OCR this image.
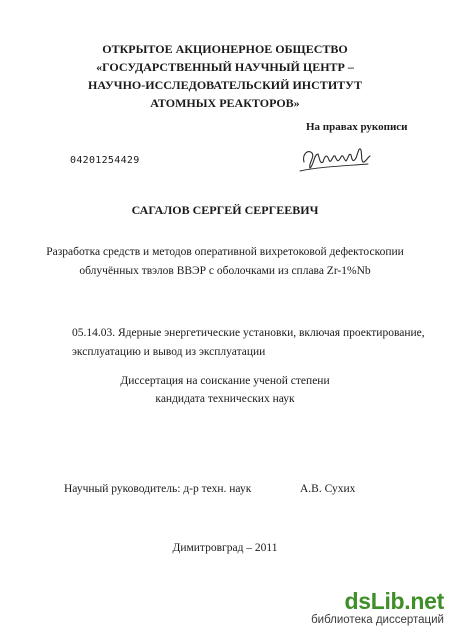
ОТКРЫТОЕ АКЦИОНЕРНОЕ ОБЩЕСТВО
«ГОСУДАРСТВЕННЫЙ НАУЧНЫЙ ЦЕНТР –
НАУЧНО-ИССЛЕДОВАТЕЛЬСКИЙ ИНСТИТУТ
АТОМНЫХ РЕАКТОРОВ»
На правах рукописи
04201254429
САГАЛОВ СЕРГЕЙ СЕРГЕЕВИЧ
Разработка средств и методов оперативной вихретоковой дефектоскопии
облучённых твэлов ВВЭР с оболочками из сплава Zr-1%Nb
05.14.03. Ядерные энергетические установки, включая проектирование,
эксплуатацию и вывод из эксплуатации
Диссертация на соискание ученой степени
кандидата технических наук
Научный руководитель: д-р техн. наук	А.В. Сухих
Димитровград – 2011
dsLib.net
библиотека диссертаций
